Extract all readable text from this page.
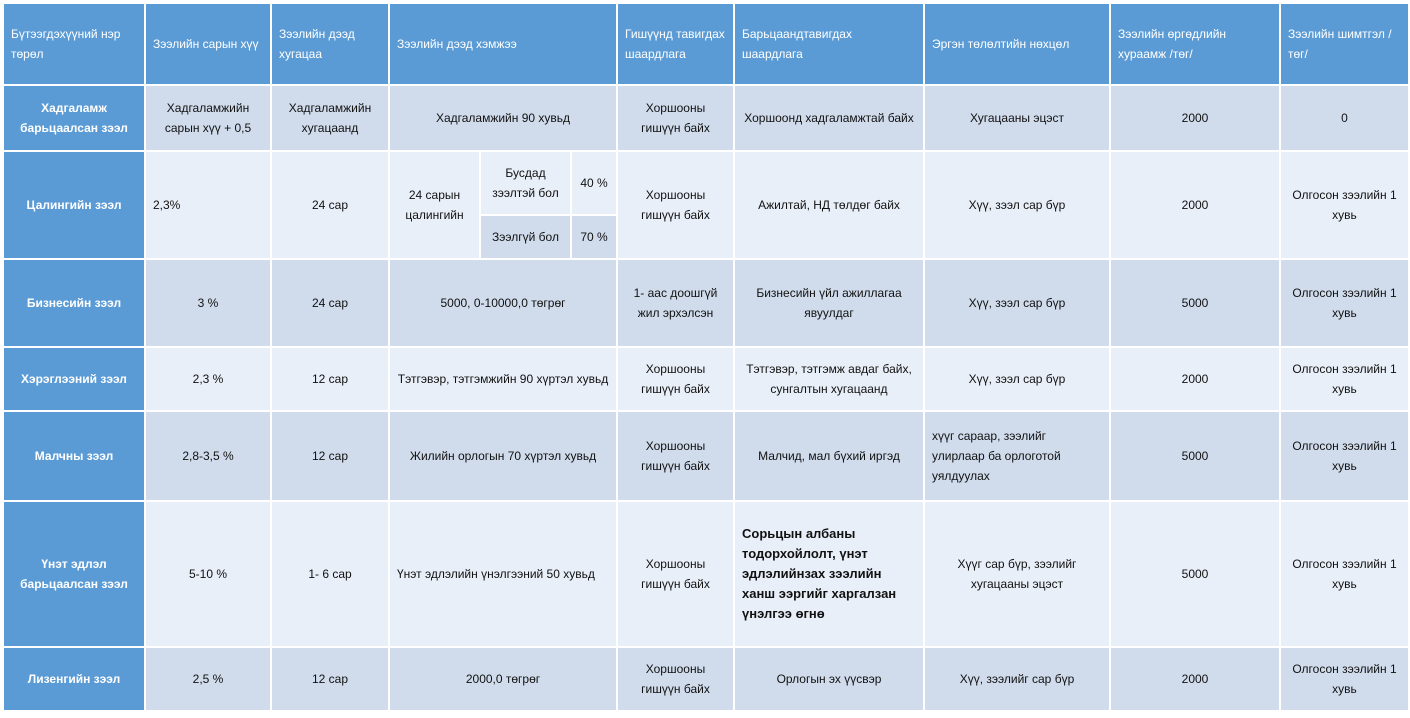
Бүтээгдэхүүний нэр төрөл	Зээлийн сарын хүү	Зээлийн дээд хугацаа	Зээлийн дээд хэмжээ			Гишүүнд тавигдах шаардлага	Барьцаандтавигдах шаардлага	Эргэн төлөлтийн нөхцөл	Зээлийн өргөдлийн хураамж /төг/	Зээлийн шимтгэл /төг/
Хадгаламж барьцаалсан зээл	Хадгаламжийн сарын хүү + 0,5	Хадгаламжийн хугацаанд	Хадгаламжийн 90 хувьд			Хоршооны гишүүн байх	Хоршоонд хадгаламжтай байх	Хугацааны эцэст	2000	0
Цалингийн зээл	2,3%	24 сар	24 сарын цалингийн	Бусдад зээлтэй бол	40 %	Хоршооны гишүүн байх	Ажилтай, НД төлдөг байх	Хүү, зээл сар бүр	2000	Олгосон зээлийн 1 хувь
				Зээлгүй бол	70 %					
Бизнесийн зээл	3 %	24 сар	5000, 0-10000,0 төгрөг			1- аас доошгүй жил эрхэлсэн	Бизнесийн үйл ажиллагаа явуулдаг	Хүү, зээл сар бүр	5000	Олгосон зээлийн 1 хувь
Хэрэглээний зээл	2,3 %	12 сар	Тэтгэвэр, тэтгэмжийн 90 хүртэл хувьд			Хоршооны гишүүн байх	Тэтгэвэр, тэтгэмж авдаг байх, сунгалтын хугацаанд	Хүү, зээл сар бүр	2000	Олгосон зээлийн 1 хувь
Малчны зээл	2,8-3,5 %	12 сар	Жилийн орлогын 70 хүртэл хувьд			Хоршооны гишүүн байх	Малчид, мал бүхий иргэд	хүүг сараар, зээлийг улирлаар ба орлоготой уялдуулах	5000	Олгосон зээлийн 1 хувь
Үнэт эдлэл барьцаалсан зээл	5-10 %	1- 6 сар	Үнэт эдлэлийн үнэлгээний 50 хувьд			Хоршооны гишүүн байх	Сорьцын албаны тодорхойлолт, үнэт эдлэлийнзах зээлийн ханш ээргийг харгалзан үнэлгээ өгнө	Хүүг сар бүр, зээлийг хугацааны эцэст	5000	Олгосон зээлийн 1 хувь
Лизенгийн зээл	2,5 %	12 сар	2000,0 төгрөг			Хоршооны гишүүн байх	Орлогын эх үүсвэр	Хүү, зээлийг сар бүр	2000	Олгосон зээлийн 1 хувь
